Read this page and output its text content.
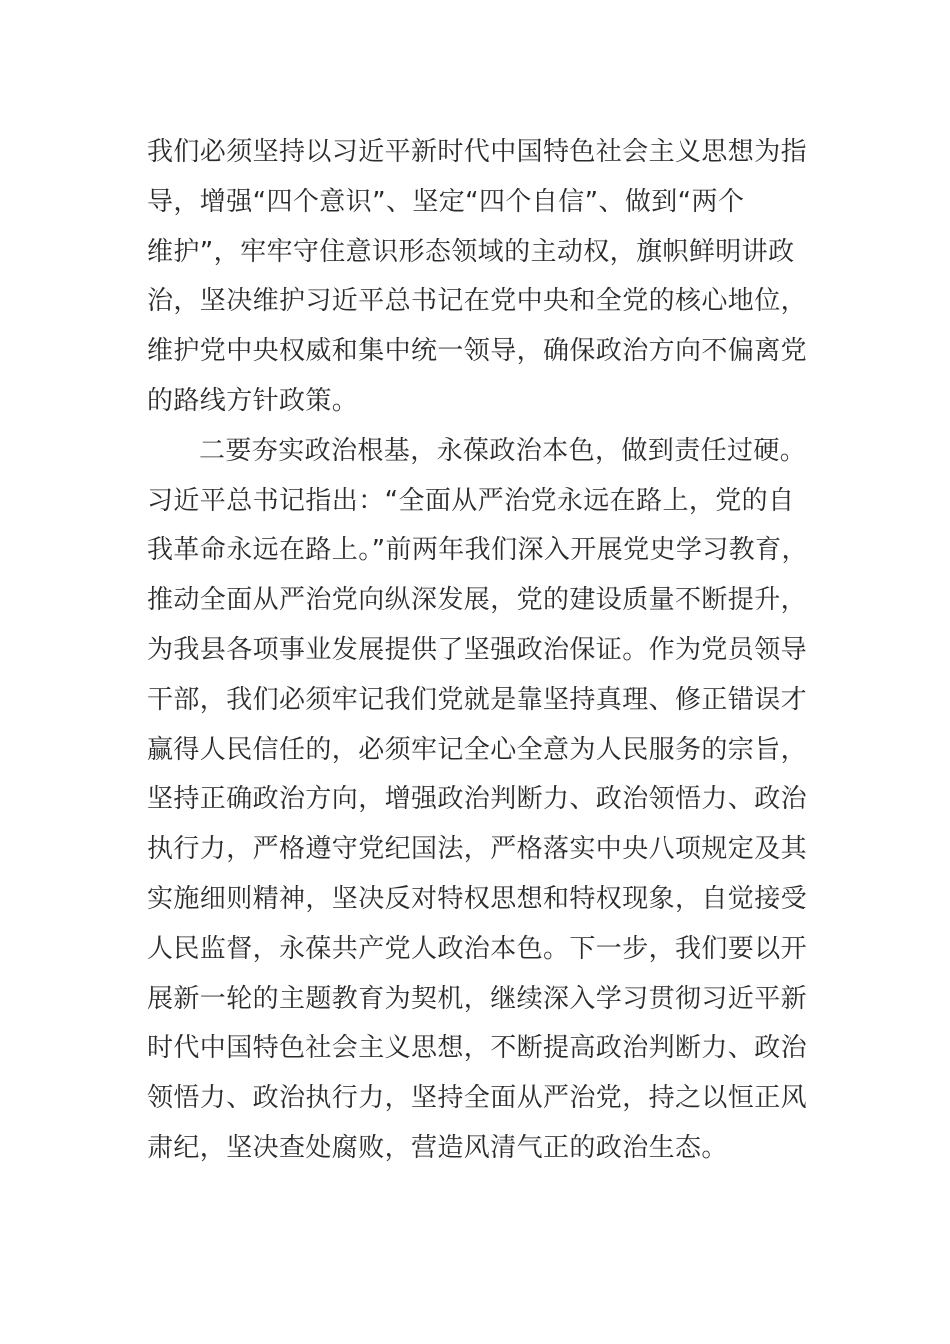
我们必须坚持以习近平新时代中国特色社会主义思想为指
导，增强“四个意识”、坚定“四个自信”、做到“两个
维护”，牢牢守住意识形态领域的主动权，旗帜鲜明讲政
治，坚决维护习近平总书记在党中央和全党的核心地位，
维护党中央权威和集中统一领导，确保政治方向不偏离党
的路线方针政策。
二要夯实政治根基，永葆政治本色，做到责任过硬。
习近平总书记指出：“全面从严治党永远在路上，党的自
我革命永远在路上。”前两年我们深入开展党史学习教育，
推动全面从严治党向纵深发展，党的建设质量不断提升，
为我县各项事业发展提供了坚强政治保证。作为党员领导
干部，我们必须牢记我们党就是靠坚持真理、修正错误才
赢得人民信任的，必须牢记全心全意为人民服务的宗旨，
坚持正确政治方向，增强政治判断力、政治领悟力、政治
执行力，严格遵守党纪国法，严格落实中央八项规定及其
实施细则精神，坚决反对特权思想和特权现象，自觉接受
人民监督，永葆共产党人政治本色。下一步，我们要以开
展新一轮的主题教育为契机，继续深入学习贯彻习近平新
时代中国特色社会主义思想，不断提高政治判断力、政治
领悟力、政治执行力，坚持全面从严治党，持之以恒正风
肃纪，坚决查处腐败，营造风清气正的政治生态。
